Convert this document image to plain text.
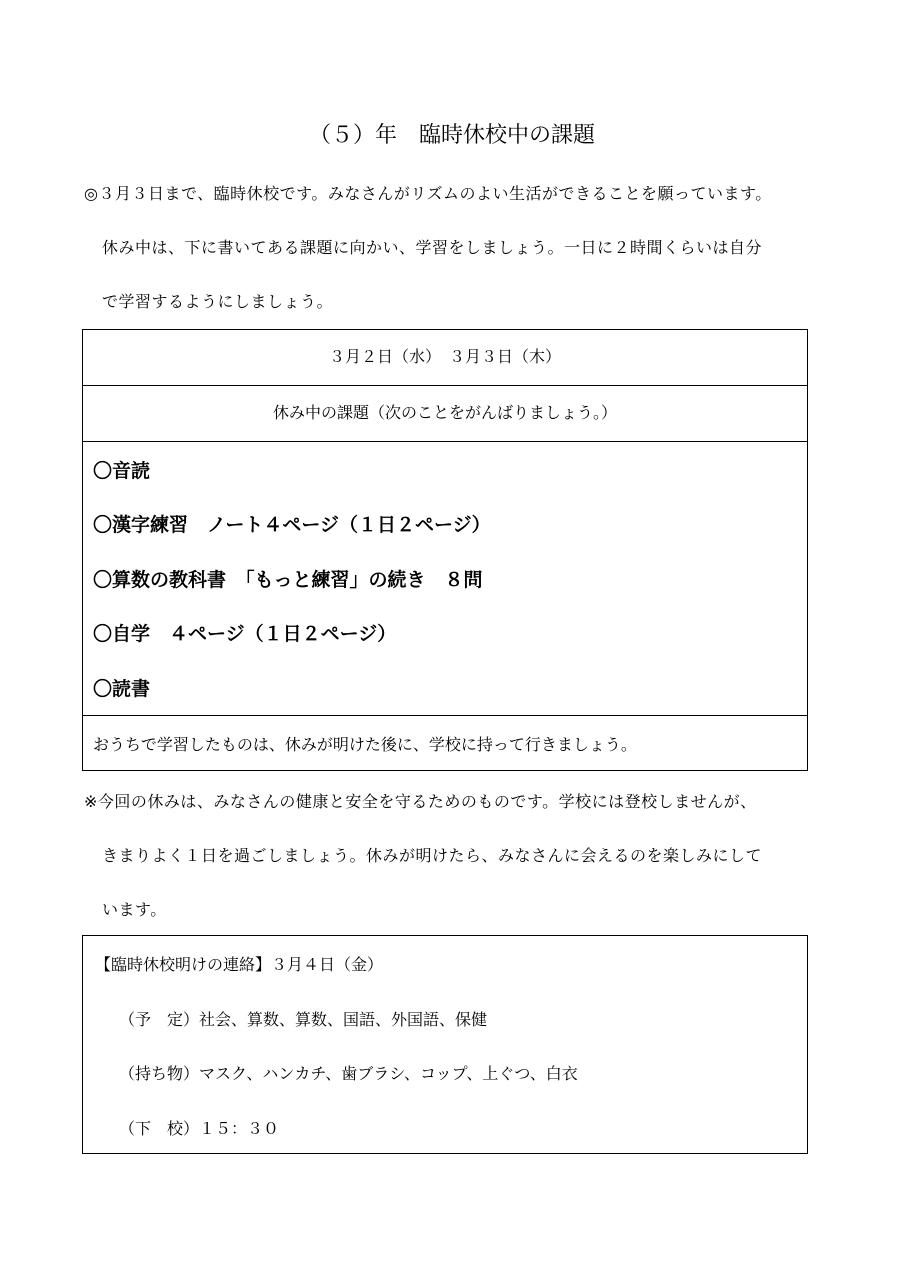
（５）年　臨時休校中の課題
◎３月３日まで、臨時休校です。みなさんがリズムのよい生活ができることを願っています。
休み中は、下に書いてある課題に向かい、学習をしましょう。一日に２時間くらいは自分
で学習するようにしましょう。
３月２日（水）　３月３日（木）
休み中の課題（次のことをがんばりましょう。）
〇音読
〇漢字練習　ノート４ページ（１日２ページ）
〇算数の教科書　「もっと練習」の続き　８問
〇自学　４ページ（１日２ページ）
〇読書
おうちで学習したものは、休みが明けた後に、学校に持って行きましょう。
※今回の休みは、みなさんの健康と安全を守るためのものです。学校には登校しませんが、
きまりよく１日を過ごしましょう。休みが明けたら、みなさんに会えるのを楽しみにして
います。
【臨時休校明けの連絡】３月４日（金）
（予　定）社会、算数、算数、国語、外国語、保健
（持ち物）マスク、ハンカチ、歯ブラシ、コップ、上ぐつ、白衣
（下　校）１５：３０
